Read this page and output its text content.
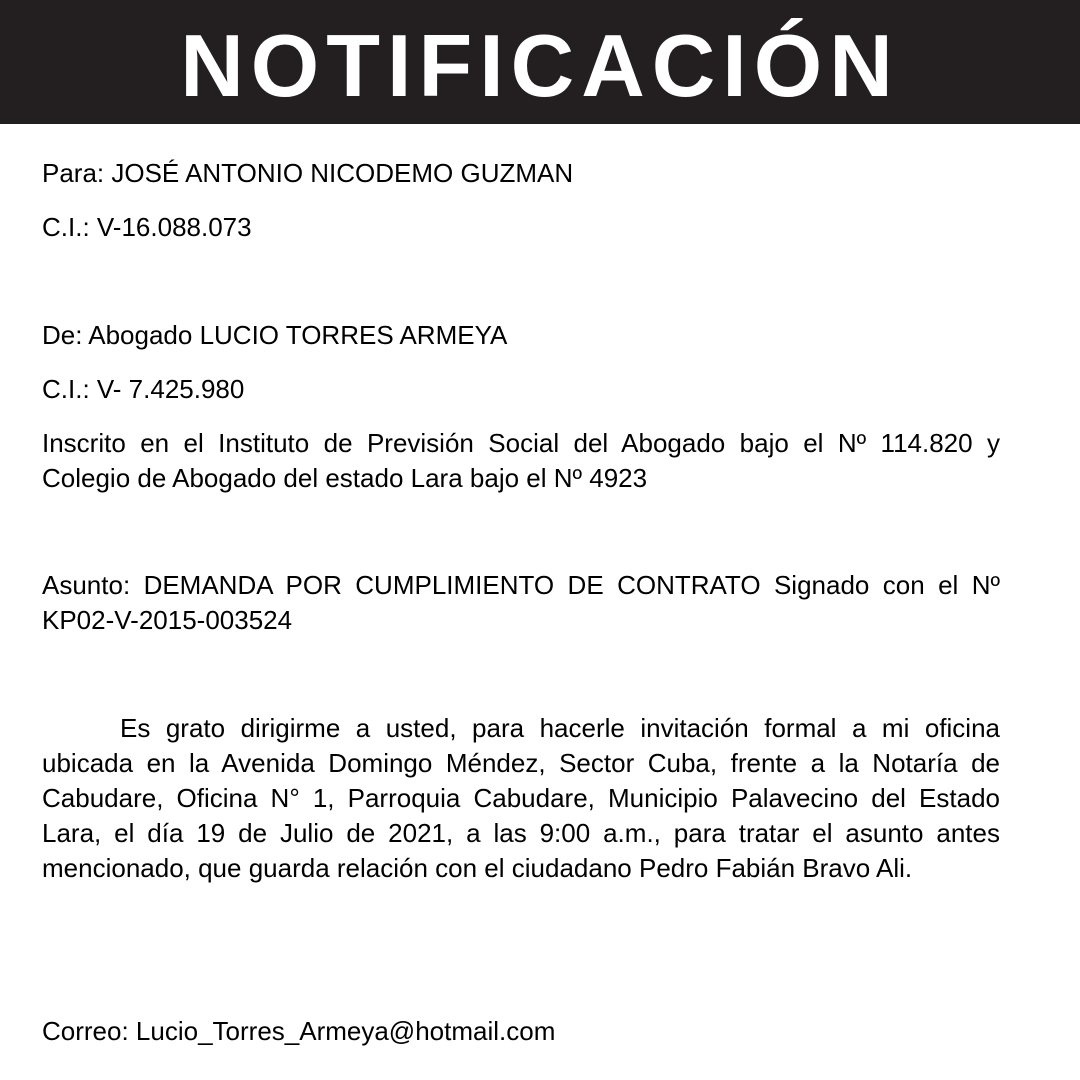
NOTIFICACIÓN
Para: JOSÉ ANTONIO NICODEMO GUZMAN
C.I.: V-16.088.073
De: Abogado LUCIO TORRES ARMEYA
C.I.: V- 7.425.980
Inscrito en el Instituto de Previsión Social del Abogado bajo el Nº 114.820 y Colegio de Abogado del estado Lara bajo el Nº 4923
Asunto: DEMANDA POR CUMPLIMIENTO DE CONTRATO Signado con el Nº KP02-V-2015-003524
Es grato dirigirme a usted, para hacerle invitación formal a mi oficina ubicada en la Avenida Domingo Méndez, Sector Cuba, frente a la Notaría de Cabudare, Oficina N° 1, Parroquia Cabudare, Municipio Palavecino del Estado Lara, el día 19 de Julio de 2021, a las 9:00 a.m., para tratar el asunto antes mencionado, que guarda relación con el ciudadano Pedro Fabián Bravo Ali.
Correo: Lucio_Torres_Armeya@hotmail.com
